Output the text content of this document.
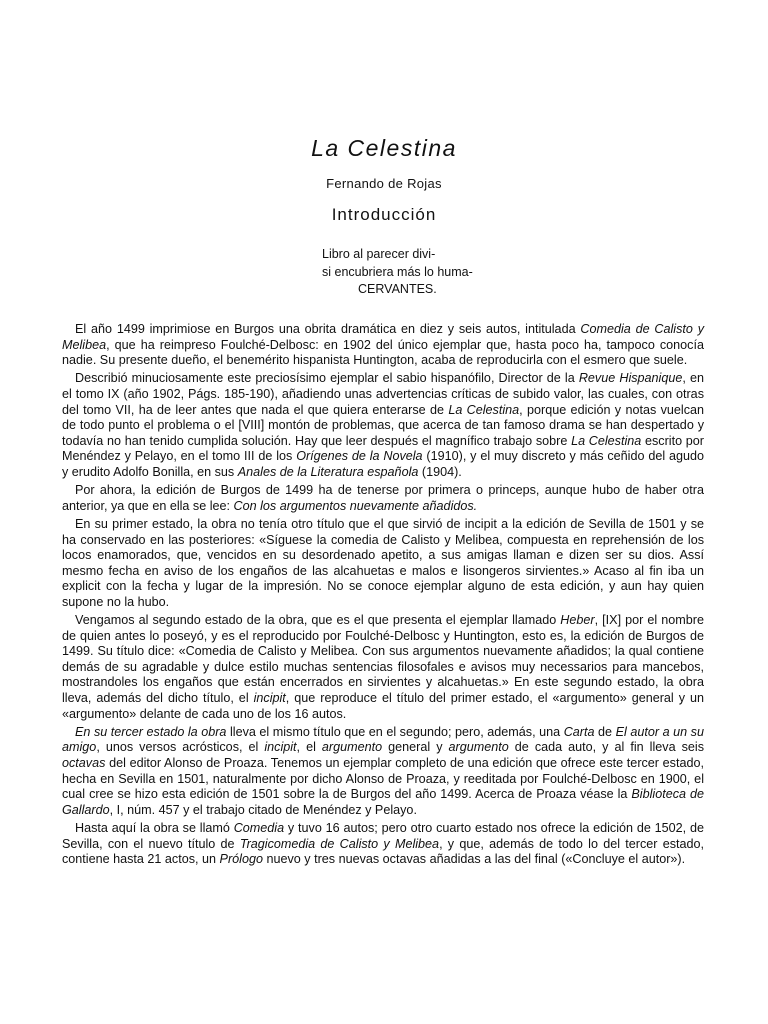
La Celestina
Fernando de Rojas
Introducción
Libro al parecer divi-
si encubriera más lo huma-
CERVANTES.

El año 1499 imprimiose en Burgos una obrita dramática en diez y seis autos, intitulada Comedia de Calisto y Melibea, que ha reimpreso Foulché-Delbosc: en 1902 del único ejemplar que, hasta poco ha, tampoco conocía nadie. Su presente dueño, el benemérito hispanista Huntington, acaba de reproducirla con el esmero que suele.

Describió minuciosamente este preciosísimo ejemplar el sabio hispanófilo, Director de la Revue Hispanique, en el tomo IX (año 1902, Págs. 185-190), añadiendo unas advertencias críticas de subido valor, las cuales, con otras del tomo VII, ha de leer antes que nada el que quiera enterarse de La Celestina, porque edición y notas vuelcan de todo punto el problema o el [VIII] montón de problemas, que acerca de tan famoso drama se han despertado y todavía no han tenido cumplida solución. Hay que leer después el magnífico trabajo sobre La Celestina escrito por Menéndez y Pelayo, en el tomo III de los Orígenes de la Novela (1910), y el muy discreto y más ceñido del agudo y erudito Adolfo Bonilla, en sus Anales de la Literatura española (1904).

Por ahora, la edición de Burgos de 1499 ha de tenerse por primera o princeps, aunque hubo de haber otra anterior, ya que en ella se lee: Con los argumentos nuevamente añadidos.

En su primer estado, la obra no tenía otro título que el que sirvió de incipit a la edición de Sevilla de 1501 y se ha conservado en las posteriores: «Síguese la comedia de Calisto y Melibea, compuesta en reprehensión de los locos enamorados, que, vencidos en su desordenado apetito, a sus amigas llaman e dizen ser su dios. Assí mesmo fecha en aviso de los engaños de las alcahuetas e malos e lisongeros sirvientes.» Acaso al fin iba un explicit con la fecha y lugar de la impresión. No se conoce ejemplar alguno de esta edición, y aun hay quien supone no la hubo.

Vengamos al segundo estado de la obra, que es el que presenta el ejemplar llamado Heber, [IX] por el nombre de quien antes lo poseyó, y es el reproducido por Foulché-Delbosc y Huntington, esto es, la edición de Burgos de 1499. Su título dice: «Comedia de Calisto y Melibea. Con sus argumentos nuevamente añadidos; la qual contiene demás de su agradable y dulce estilo muchas sentencias filosofales e avisos muy necessarios para mancebos, mostrandoles los engaños que están encerrados en sirvientes y alcahuetas.» En este segundo estado, la obra lleva, además del dicho título, el incipit, que reproduce el título del primer estado, el «argumento» general y un «argumento» delante de cada uno de los 16 autos.

En su tercer estado la obra lleva el mismo título que en el segundo; pero, además, una Carta de El autor a un su amigo, unos versos acrósticos, el incipit, el argumento general y argumento de cada auto, y al fin lleva seis octavas del editor Alonso de Proaza. Tenemos un ejemplar completo de una edición que ofrece este tercer estado, hecha en Sevilla en 1501, naturalmente por dicho Alonso de Proaza, y reeditada por Foulché-Delbosc en 1900, el cual cree se hizo esta edición de 1501 sobre la de Burgos del año 1499. Acerca de Proaza véase la Biblioteca de Gallardo, I, núm. 457 y el trabajo citado de Menéndez y Pelayo.

Hasta aquí la obra se llamó Comedia y tuvo 16 autos; pero otro cuarto estado nos ofrece la edición de 1502, de Sevilla, con el nuevo título de Tragicomedia de Calisto y Melibea, y que, además de todo lo del tercer estado, contiene hasta 21 actos, un Prólogo nuevo y tres nuevas octavas añadidas a las del final («Concluye el autor»).
